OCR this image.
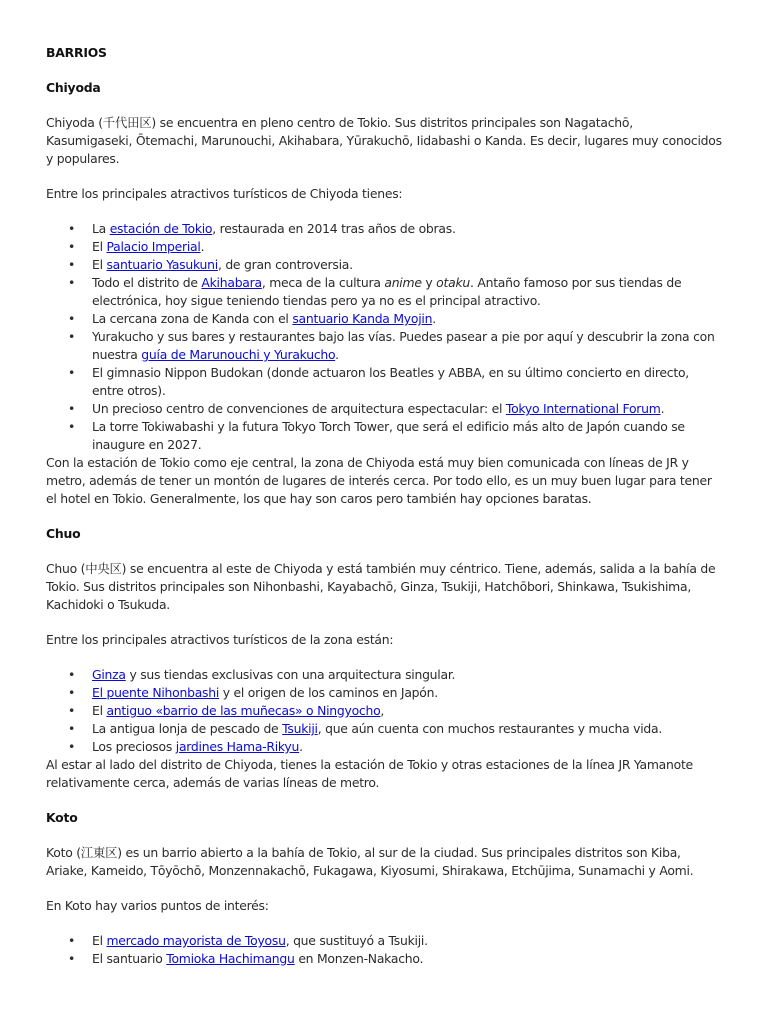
BARRIOS
Chiyoda

Chiyoda (千代田区) se encuentra en pleno centro de Tokio. Sus distritos principales son Nagatachō, Kasumigaseki, Ōtemachi, Marunouchi, Akihabara, Yūrakuchō, Iidabashi o Kanda. Es decir, lugares muy conocidos y populares.

Entre los principales atractivos turísticos de Chiyoda tienes:

• La estación de Tokio, restaurada en 2014 tras años de obras.
• El Palacio Imperial.
• El santuario Yasukuni, de gran controversia.
• Todo el distrito de Akihabara, meca de la cultura anime y otaku. Antaño famoso por sus tiendas de electrónica, hoy sigue teniendo tiendas pero ya no es el principal atractivo.
• La cercana zona de Kanda con el santuario Kanda Myojin.
• Yurakucho y sus bares y restaurantes bajo las vías. Puedes pasear a pie por aquí y descubrir la zona con nuestra guía de Marunouchi y Yurakucho.
• El gimnasio Nippon Budokan (donde actuaron los Beatles y ABBA, en su último concierto en directo, entre otros).
• Un precioso centro de convenciones de arquitectura espectacular: el Tokyo International Forum.
• La torre Tokiwabashi y la futura Tokyo Torch Tower, que será el edificio más alto de Japón cuando se inaugure en 2027.

Con la estación de Tokio como eje central, la zona de Chiyoda está muy bien comunicada con líneas de JR y metro, además de tener un montón de lugares de interés cerca. Por todo ello, es un muy buen lugar para tener el hotel en Tokio. Generalmente, los que hay son caros pero también hay opciones baratas.

Chuo

Chuo (中央区) se encuentra al este de Chiyoda y está también muy céntrico. Tiene, además, salida a la bahía de Tokio. Sus distritos principales son Nihonbashi, Kayabachō, Ginza, Tsukiji, Hatchōbori, Shinkawa, Tsukishima, Kachidoki o Tsukuda.

Entre los principales atractivos turísticos de la zona están:

• Ginza y sus tiendas exclusivas con una arquitectura singular.
• El puente Nihonbashi y el origen de los caminos en Japón.
• El antiguo «barrio de las muñecas» o Ningyocho,
• La antigua lonja de pescado de Tsukiji, que aún cuenta con muchos restaurantes y mucha vida.
• Los preciosos jardines Hama-Rikyu.

Al estar al lado del distrito de Chiyoda, tienes la estación de Tokio y otras estaciones de la línea JR Yamanote relativamente cerca, además de varias líneas de metro.

Koto

Koto (江東区) es un barrio abierto a la bahía de Tokio, al sur de la ciudad. Sus principales distritos son Kiba, Ariake, Kameido, Tōyōchō, Monzennakachō, Fukagawa, Kiyosumi, Shirakawa, Etchūjima, Sunamachi y Aomi.

En Koto hay varios puntos de interés:

• El mercado mayorista de Toyosu, que sustituyó a Tsukiji.
• El santuario Tomioka Hachimangu en Monzen-Nakacho.
